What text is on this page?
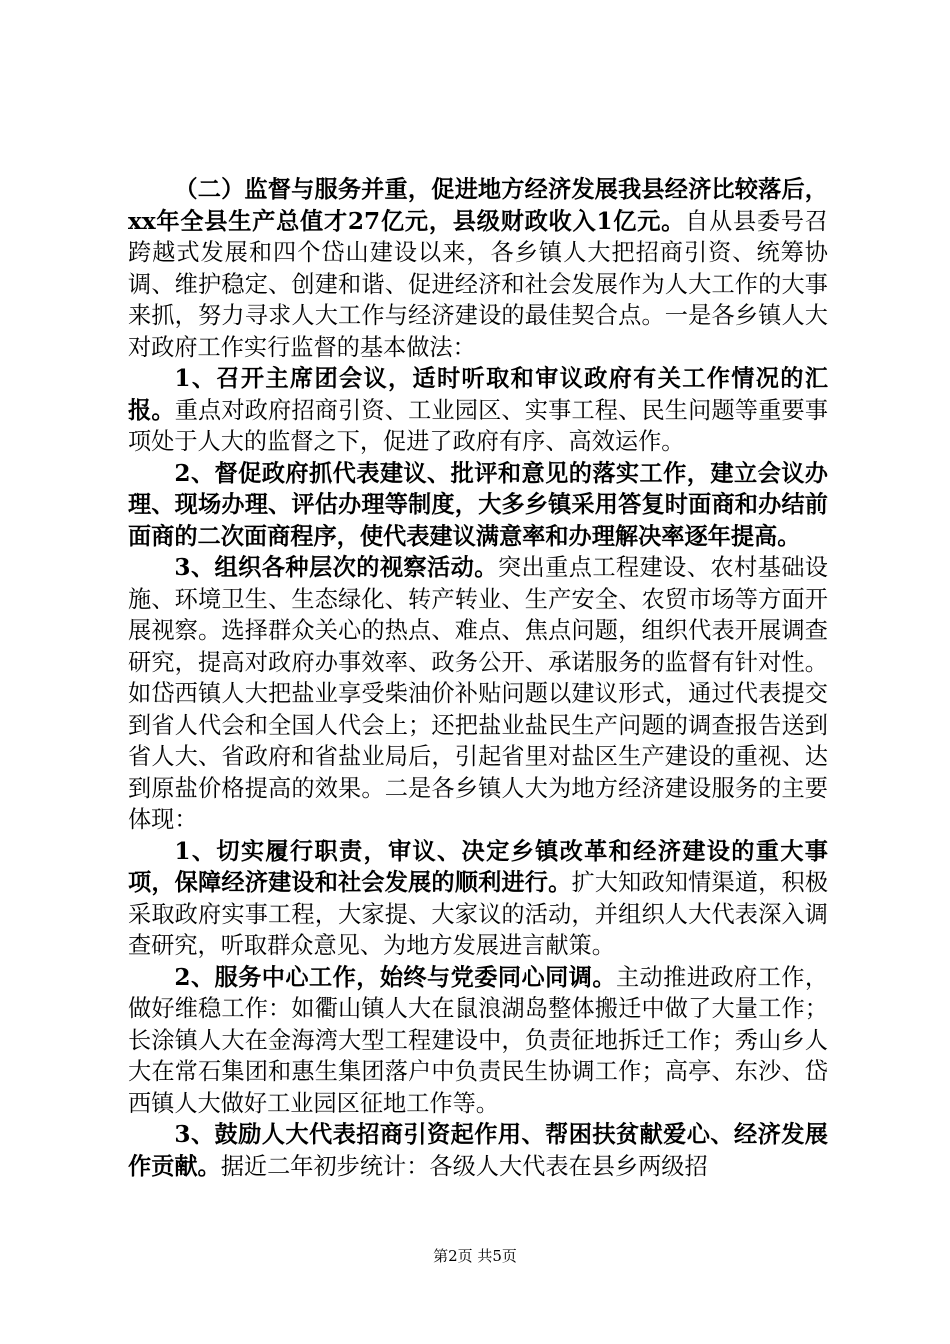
（二）监督与服务并重，促进地方经济发展我县经济比较落后，xx年全县生产总值才27亿元，县级财政收入1亿元。自从县委号召跨越式发展和四个岱山建设以来，各乡镇人大把招商引资、统筹协调、维护稳定、创建和谐、促进经济和社会发展作为人大工作的大事来抓，努力寻求人大工作与经济建设的最佳契合点。一是各乡镇人大对政府工作实行监督的基本做法：

1、召开主席团会议，适时听取和审议政府有关工作情况的汇报。重点对政府招商引资、工业园区、实事工程、民生问题等重要事项处于人大的监督之下，促进了政府有序、高效运作。

2、督促政府抓代表建议、批评和意见的落实工作，建立会议办理、现场办理、评估办理等制度，大多乡镇采用答复时面商和办结前面商的二次面商程序，使代表建议满意率和办理解决率逐年提高。

3、组织各种层次的视察活动。突出重点工程建设、农村基础设施、环境卫生、生态绿化、转产转业、生产安全、农贸市场等方面开展视察。选择群众关心的热点、难点、焦点问题，组织代表开展调查研究，提高对政府办事效率、政务公开、承诺服务的监督有针对性。如岱西镇人大把盐业享受柴油价补贴问题以建议形式，通过代表提交到省人代会和全国人代会上；还把盐业盐民生产问题的调查报告送到省人大、省政府和省盐业局后，引起省里对盐区生产建设的重视、达到原盐价格提高的效果。二是各乡镇人大为地方经济建设服务的主要体现：

1、切实履行职责，审议、决定乡镇改革和经济建设的重大事项，保障经济建设和社会发展的顺利进行。扩大知政知情渠道，积极采取政府实事工程，大家提、大家议的活动，并组织人大代表深入调查研究，听取群众意见、为地方发展进言献策。

2、服务中心工作，始终与党委同心同调。主动推进政府工作，做好维稳工作：如衢山镇人大在鼠浪湖岛整体搬迁中做了大量工作；长涂镇人大在金海湾大型工程建设中，负责征地拆迁工作；秀山乡人大在常石集团和惠生集团落户中负责民生协调工作；高亭、东沙、岱西镇人大做好工业园区征地工作等。

3、鼓励人大代表招商引资起作用、帮困扶贫献爱心、经济发展作贡献。据近二年初步统计：各级人大代表在县乡两级招

第2页 共5页
